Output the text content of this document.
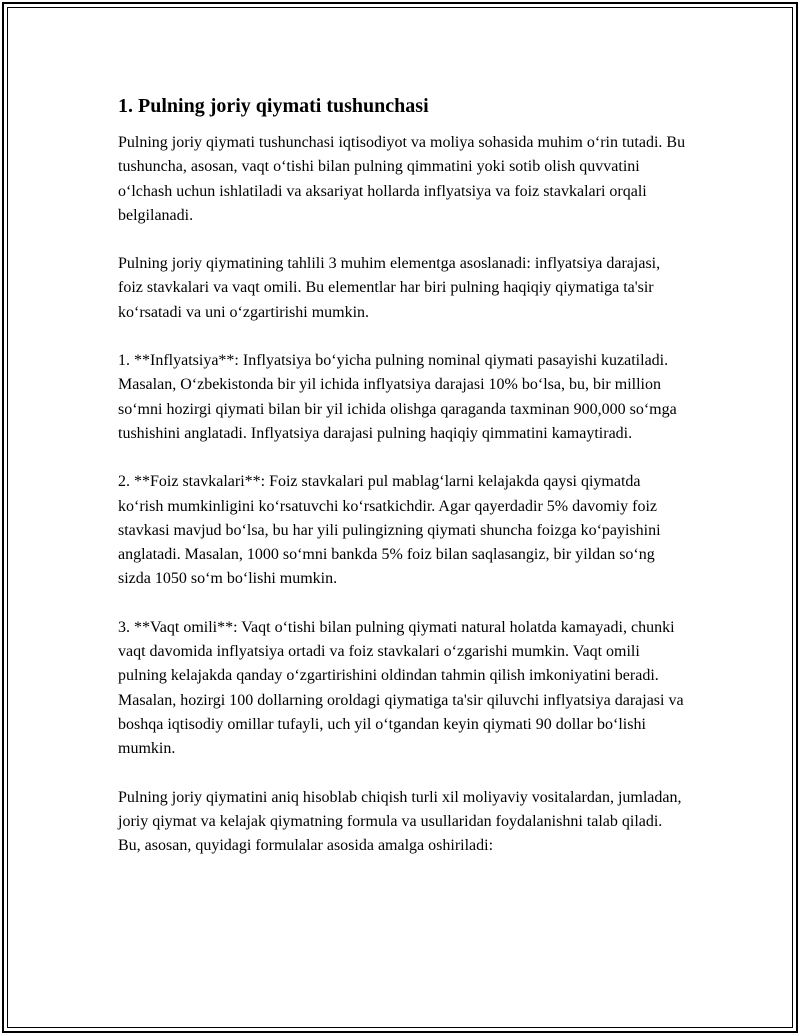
1. Pulning joriy qiymati tushunchasi

Pulning joriy qiymati tushunchasi iqtisodiyot va moliya sohasida muhim oʻrin tutadi. Bu tushuncha, asosan, vaqt oʻtishi bilan pulning qimmatini yoki sotib olish quvvatini oʻlchash uchun ishlatiladi va aksariyat hollarda inflyatsiya va foiz stavkalari orqali belgilanadi.

Pulning joriy qiymatining tahlili 3 muhim elementga asoslanadi: inflyatsiya darajasi, foiz stavkalari va vaqt omili. Bu elementlar har biri pulning haqiqiy qiymatiga ta'sir koʻrsatadi va uni oʻzgartirishi mumkin.

1. **Inflyatsiya**: Inflyatsiya boʻyicha pulning nominal qiymati pasayishi kuzatiladi. Masalan, Oʻzbekistonda bir yil ichida inflyatsiya darajasi 10% boʻlsa, bu, bir million soʻmni hozirgi qiymati bilan bir yil ichida olishga qaraganda taxminan 900,000 soʻmga tushishini anglatadi. Inflyatsiya darajasi pulning haqiqiy qimmatini kamaytiradi.

2. **Foiz stavkalari**: Foiz stavkalari pul mablagʻlarni kelajakda qaysi qiymatda koʻrish mumkinligini koʻrsatuvchi koʻrsatkichdir. Agar qayerdadir 5% davomiy foiz stavkasi mavjud boʻlsa, bu har yili pulingizning qiymati shuncha foizga koʻpayishini anglatadi. Masalan, 1000 soʻmni bankda 5% foiz bilan saqlasangiz, bir yildan soʻng sizda 1050 soʻm boʻlishi mumkin.

3. **Vaqt omili**: Vaqt oʻtishi bilan pulning qiymati natural holatda kamayadi, chunki vaqt davomida inflyatsiya ortadi va foiz stavkalari oʻzgarishi mumkin. Vaqt omili pulning kelajakda qanday oʻzgartirishini oldindan tahmin qilish imkoniyatini beradi. Masalan, hozirgi 100 dollarning oroldagi qiymatiga ta'sir qiluvchi inflyatsiya darajasi va boshqa iqtisodiy omillar tufayli, uch yil oʻtgandan keyin qiymati 90 dollar boʻlishi mumkin.

Pulning joriy qiymatini aniq hisoblab chiqish turli xil moliyaviy vositalardan, jumladan, joriy qiymat va kelajak qiymatning formula va usullaridan foydalanishni talab qiladi. Bu, asosan, quyidagi formulalar asosida amalga oshiriladi:
